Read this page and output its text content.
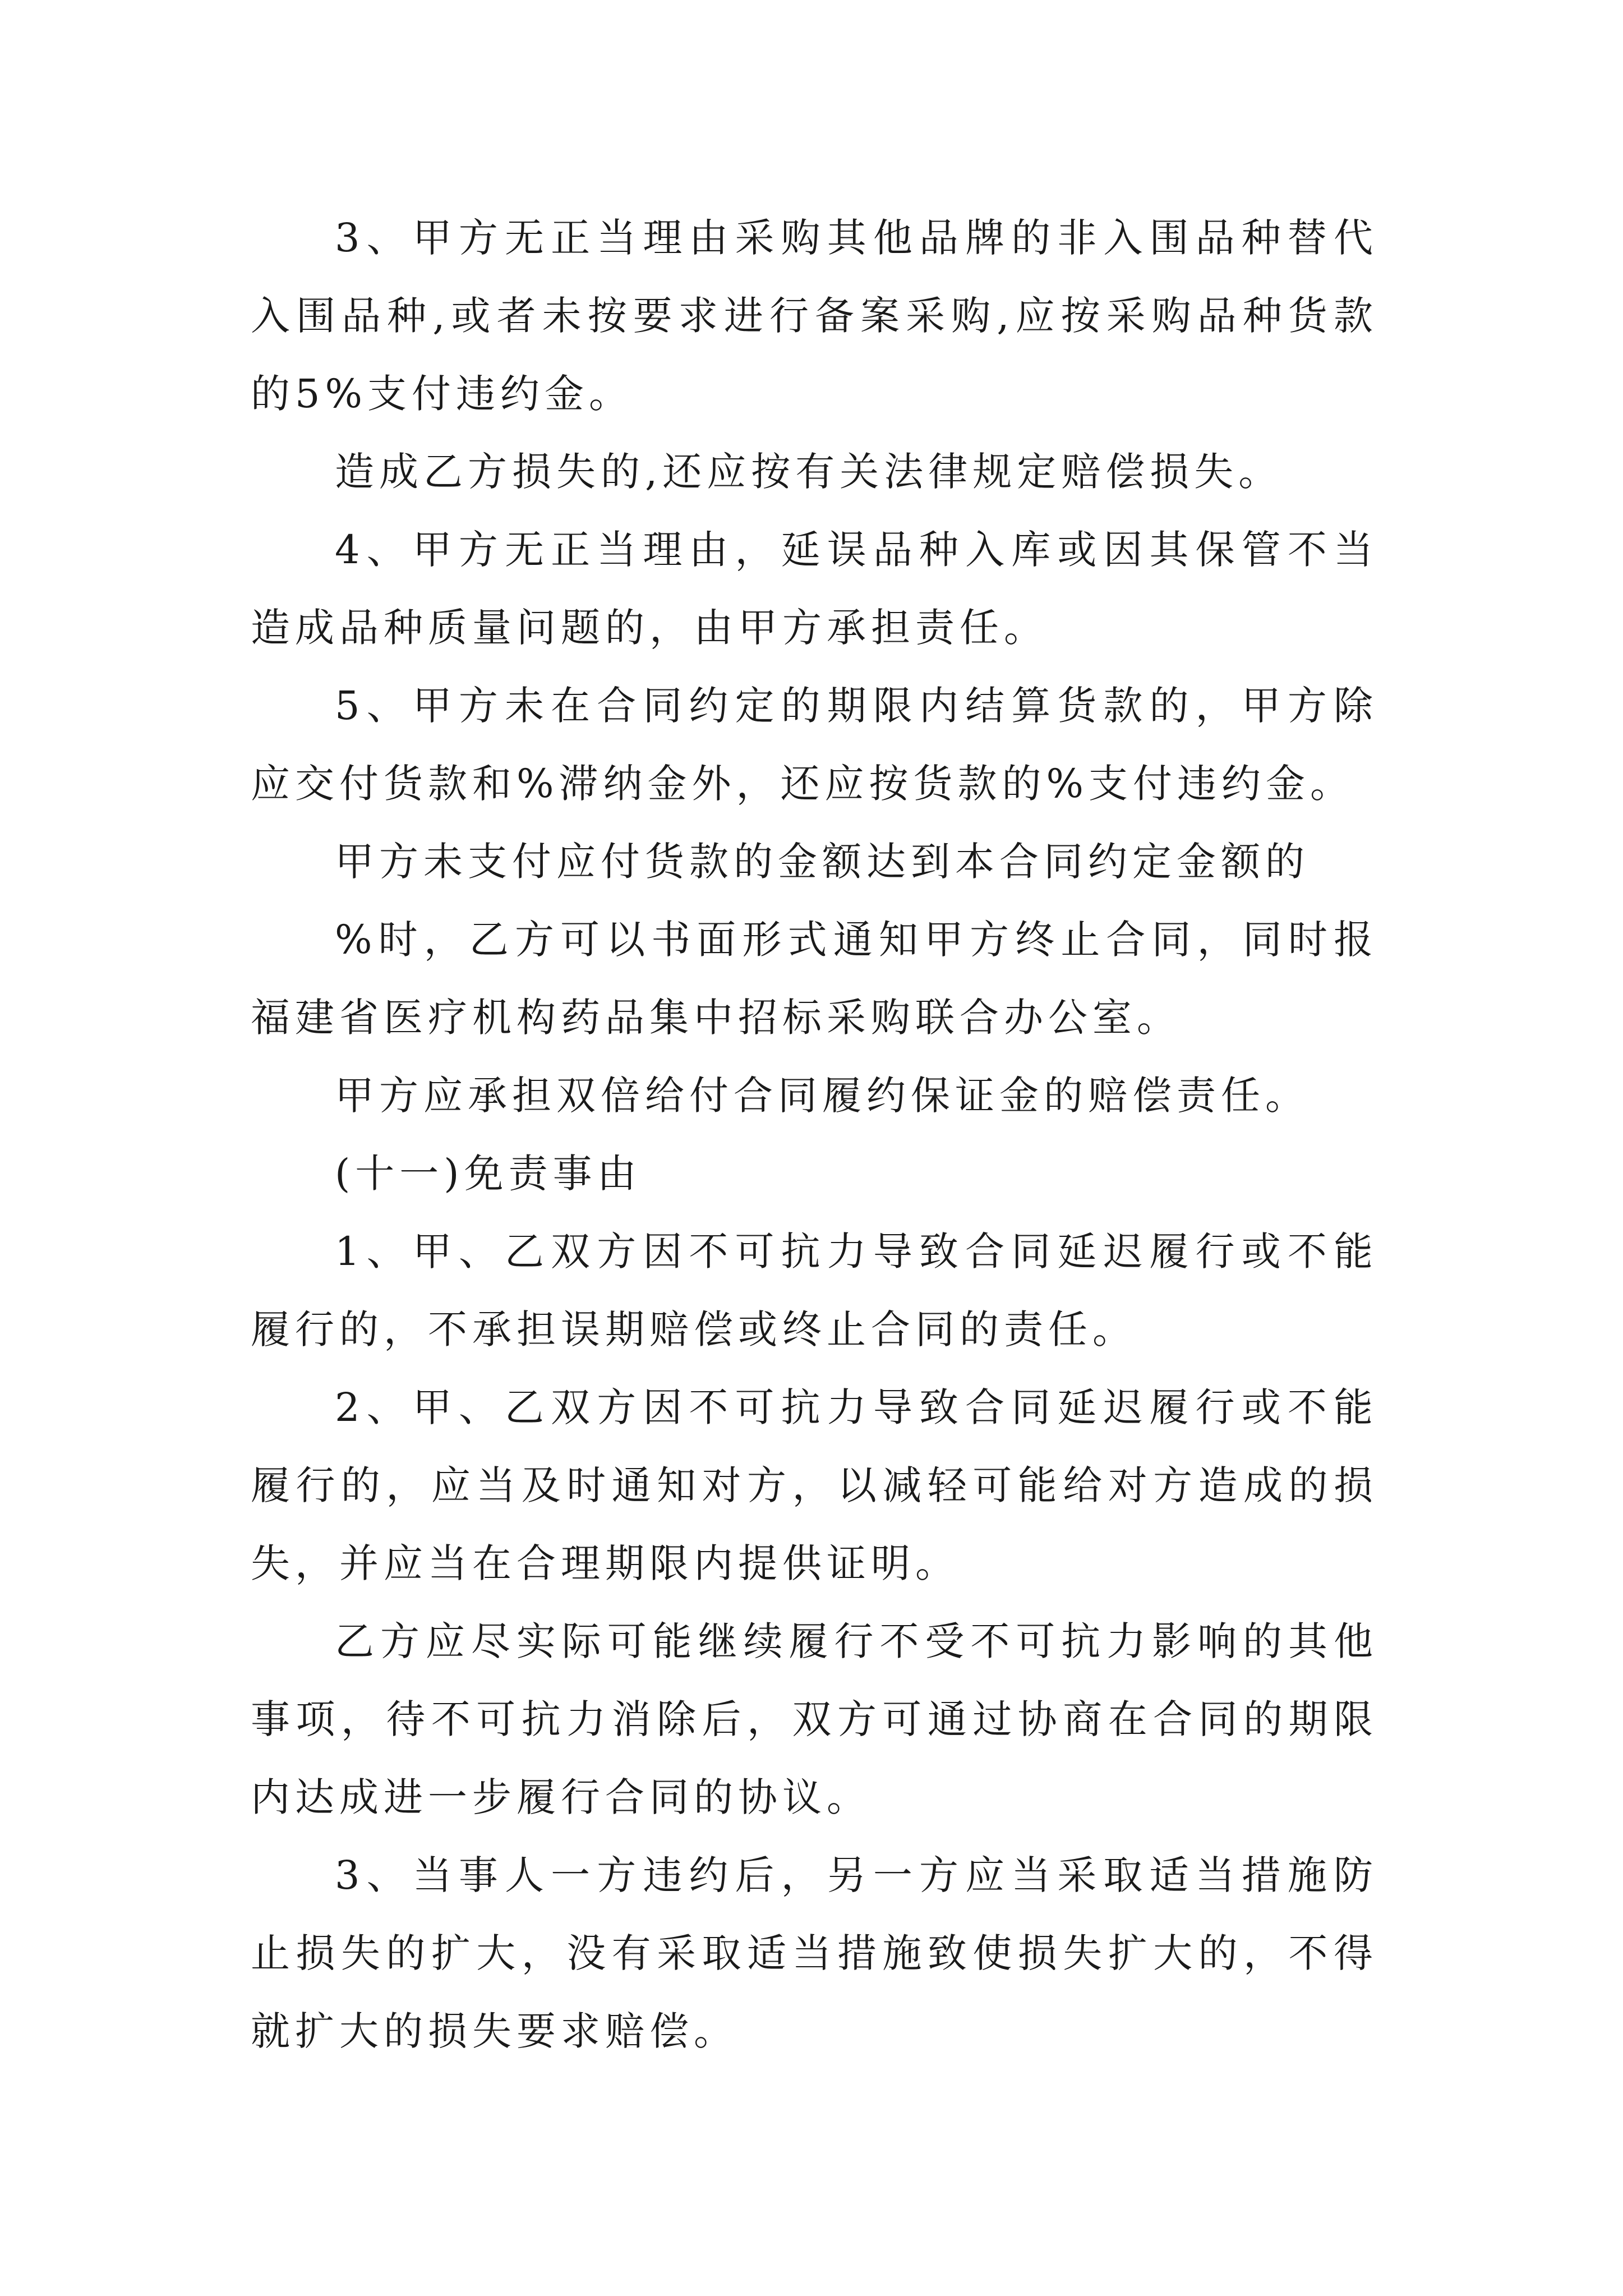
3、甲方无正当理由采购其他品牌的非入围品种替代入围品种,或者未按要求进行备案采购,应按采购品种货款的5%支付违约金。

造成乙方损失的,还应按有关法律规定赔偿损失。

4、甲方无正当理由，延误品种入库或因其保管不当造成品种质量问题的，由甲方承担责任。

5、甲方未在合同约定的期限内结算货款的，甲方除应交付货款和%滞纳金外，还应按货款的%支付违约金。

甲方未支付应付货款的金额达到本合同约定金额的

%时，乙方可以书面形式通知甲方终止合同，同时报福建省医疗机构药品集中招标采购联合办公室。

甲方应承担双倍给付合同履约保证金的赔偿责任。

(十一)免责事由

1、甲、乙双方因不可抗力导致合同延迟履行或不能履行的，不承担误期赔偿或终止合同的责任。

2、甲、乙双方因不可抗力导致合同延迟履行或不能履行的，应当及时通知对方，以减轻可能给对方造成的损失，并应当在合理期限内提供证明。

乙方应尽实际可能继续履行不受不可抗力影响的其他事项，待不可抗力消除后，双方可通过协商在合同的期限内达成进一步履行合同的协议。

3、当事人一方违约后，另一方应当采取适当措施防止损失的扩大，没有采取适当措施致使损失扩大的，不得就扩大的损失要求赔偿。
